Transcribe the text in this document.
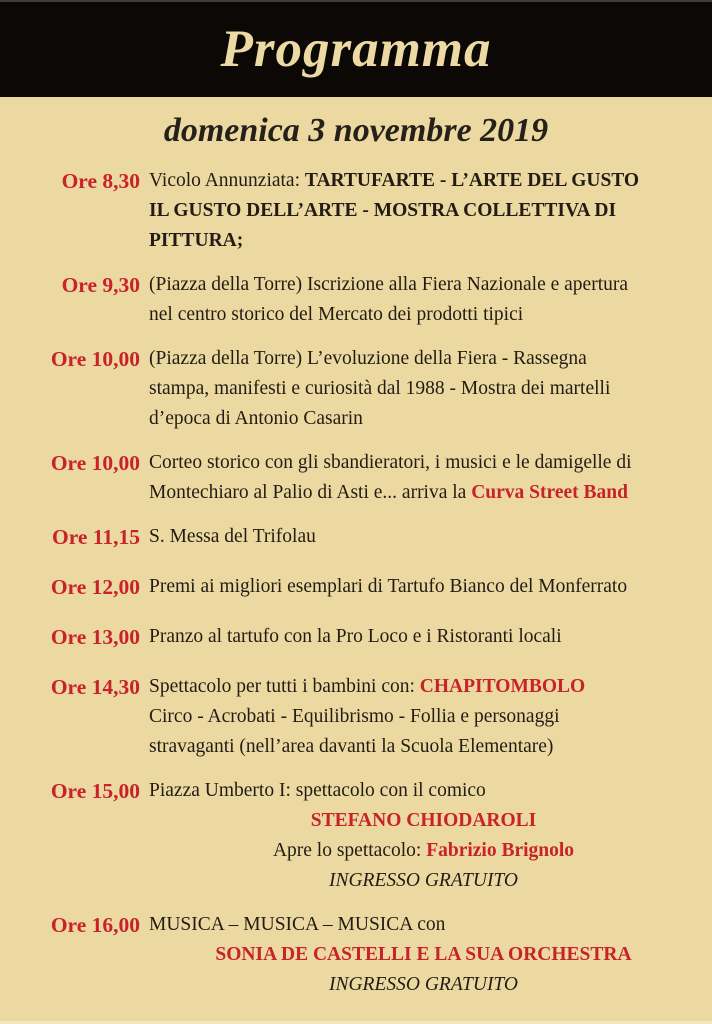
Programma
domenica 3 novembre 2019
Ore 8,30 Vicolo Annunziata: TARTUFARTE - L’ARTE DEL GUSTO
IL GUSTO DELL’ARTE - MOSTRA COLLETTIVA DI
PITTURA;
Ore 9,30 (Piazza della Torre) Iscrizione alla Fiera Nazionale e apertura
nel centro storico del Mercato dei prodotti tipici
Ore 10,00 (Piazza della Torre) L’evoluzione della Fiera - Rassegna
stampa, manifesti e curiosità dal 1988 - Mostra dei martelli
d’epoca di Antonio Casarin
Ore 10,00 Corteo storico con gli sbandieratori, i musici e le damigelle di
Montechiaro al Palio di Asti e... arriva la Curva Street Band
Ore 11,15 S. Messa del Trifolau
Ore 12,00 Premi ai migliori esemplari di Tartufo Bianco del Monferrato
Ore 13,00 Pranzo al tartufo con la Pro Loco e i Ristoranti locali
Ore 14,30 Spettacolo per tutti i bambini con: CHAPITOMBOLO
Circo - Acrobati - Equilibrismo - Follia e personaggi
stravaganti (nell’area davanti la Scuola Elementare)
Ore 15,00 Piazza Umberto I: spettacolo con il comico
STEFANO CHIODAROLI
Apre lo spettacolo: Fabrizio Brignolo
INGRESSO GRATUITO
Ore 16,00 MUSICA – MUSICA – MUSICA con
SONIA DE CASTELLI E LA SUA ORCHESTRA
INGRESSO GRATUITO
